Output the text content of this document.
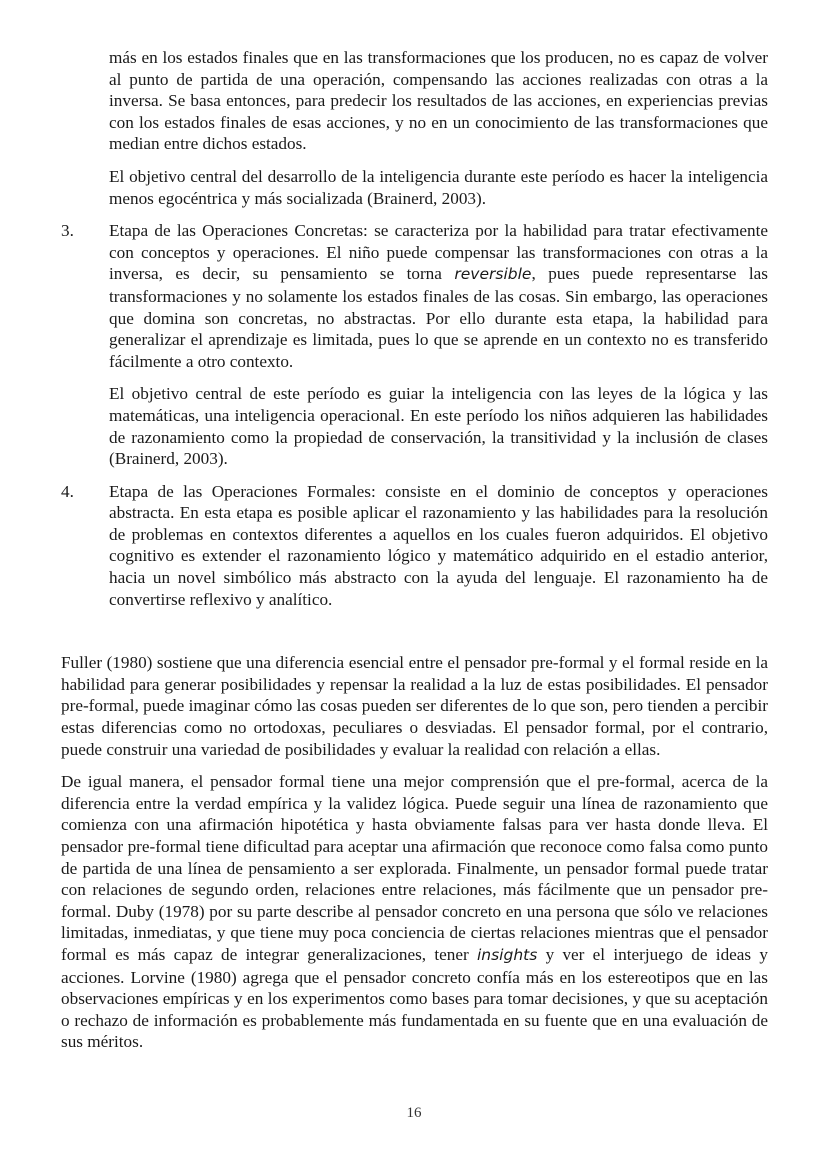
más en los estados finales que en las transformaciones que los producen, no es capaz de volver al punto de partida de una operación, compensando las acciones realizadas con otras a la inversa. Se basa entonces, para predecir los resultados de las acciones, en experiencias previas con los estados finales de esas acciones, y no en un conocimiento de las transformaciones que median entre dichos estados.

El objetivo central del desarrollo de la inteligencia durante este período es hacer la inteligencia menos egocéntrica y más socializada (Brainerd, 2003).

3. Etapa de las Operaciones Concretas: se caracteriza por la habilidad para tratar efectivamente con conceptos y operaciones. El niño puede compensar las transformaciones con otras a la inversa, es decir, su pensamiento se torna reversible, pues puede representarse las transformaciones y no solamente los estados finales de las cosas. Sin embargo, las operaciones que domina son concretas, no abstractas. Por ello durante esta etapa, la habilidad para generalizar el aprendizaje es limitada, pues lo que se aprende en un contexto no es transferido fácilmente a otro contexto.

El objetivo central de este período es guiar la inteligencia con las leyes de la lógica y las matemáticas, una inteligencia operacional. En este período los niños adquieren las habilidades de razonamiento como la propiedad de conservación, la transitividad y la inclusión de clases (Brainerd, 2003).

4. Etapa de las Operaciones Formales: consiste en el dominio de conceptos y operaciones abstracta. En esta etapa es posible aplicar el razonamiento y las habilidades para la resolución de problemas en contextos diferentes a aquellos en los cuales fueron adquiridos. El objetivo cognitivo es extender el razonamiento lógico y matemático adquirido en el estadio anterior, hacia un novel simbólico más abstracto con la ayuda del lenguaje. El razonamiento ha de convertirse reflexivo y analítico.

Fuller (1980) sostiene que una diferencia esencial entre el pensador pre-formal y el formal reside en la habilidad para generar posibilidades y repensar la realidad a la luz de estas posibilidades. El pensador pre-formal, puede imaginar cómo las cosas pueden ser diferentes de lo que son, pero tienden a percibir estas diferencias como no ortodoxas, peculiares o desviadas. El pensador formal, por el contrario, puede construir una variedad de posibilidades y evaluar la realidad con relación a ellas.

De igual manera, el pensador formal tiene una mejor comprensión que el pre-formal, acerca de la diferencia entre la verdad empírica y la validez lógica. Puede seguir una línea de razonamiento que comienza con una afirmación hipotética y hasta obviamente falsas para ver hasta donde lleva. El pensador pre-formal tiene dificultad para aceptar una afirmación que reconoce como falsa como punto de partida de una línea de pensamiento a ser explorada. Finalmente, un pensador formal puede tratar con relaciones de segundo orden, relaciones entre relaciones, más fácilmente que un pensador pre-formal. Duby (1978) por su parte describe al pensador concreto en una persona que sólo ve relaciones limitadas, inmediatas, y que tiene muy poca conciencia de ciertas relaciones mientras que el pensador formal es más capaz de integrar generalizaciones, tener insights y ver el interjuego de ideas y acciones. Lorvine (1980) agrega que el pensador concreto confía más en los estereotipos que en las observaciones empíricas y en los experimentos como bases para tomar decisiones, y que su aceptación o rechazo de información es probablemente más fundamentada en su fuente que en una evaluación de sus méritos.

16
